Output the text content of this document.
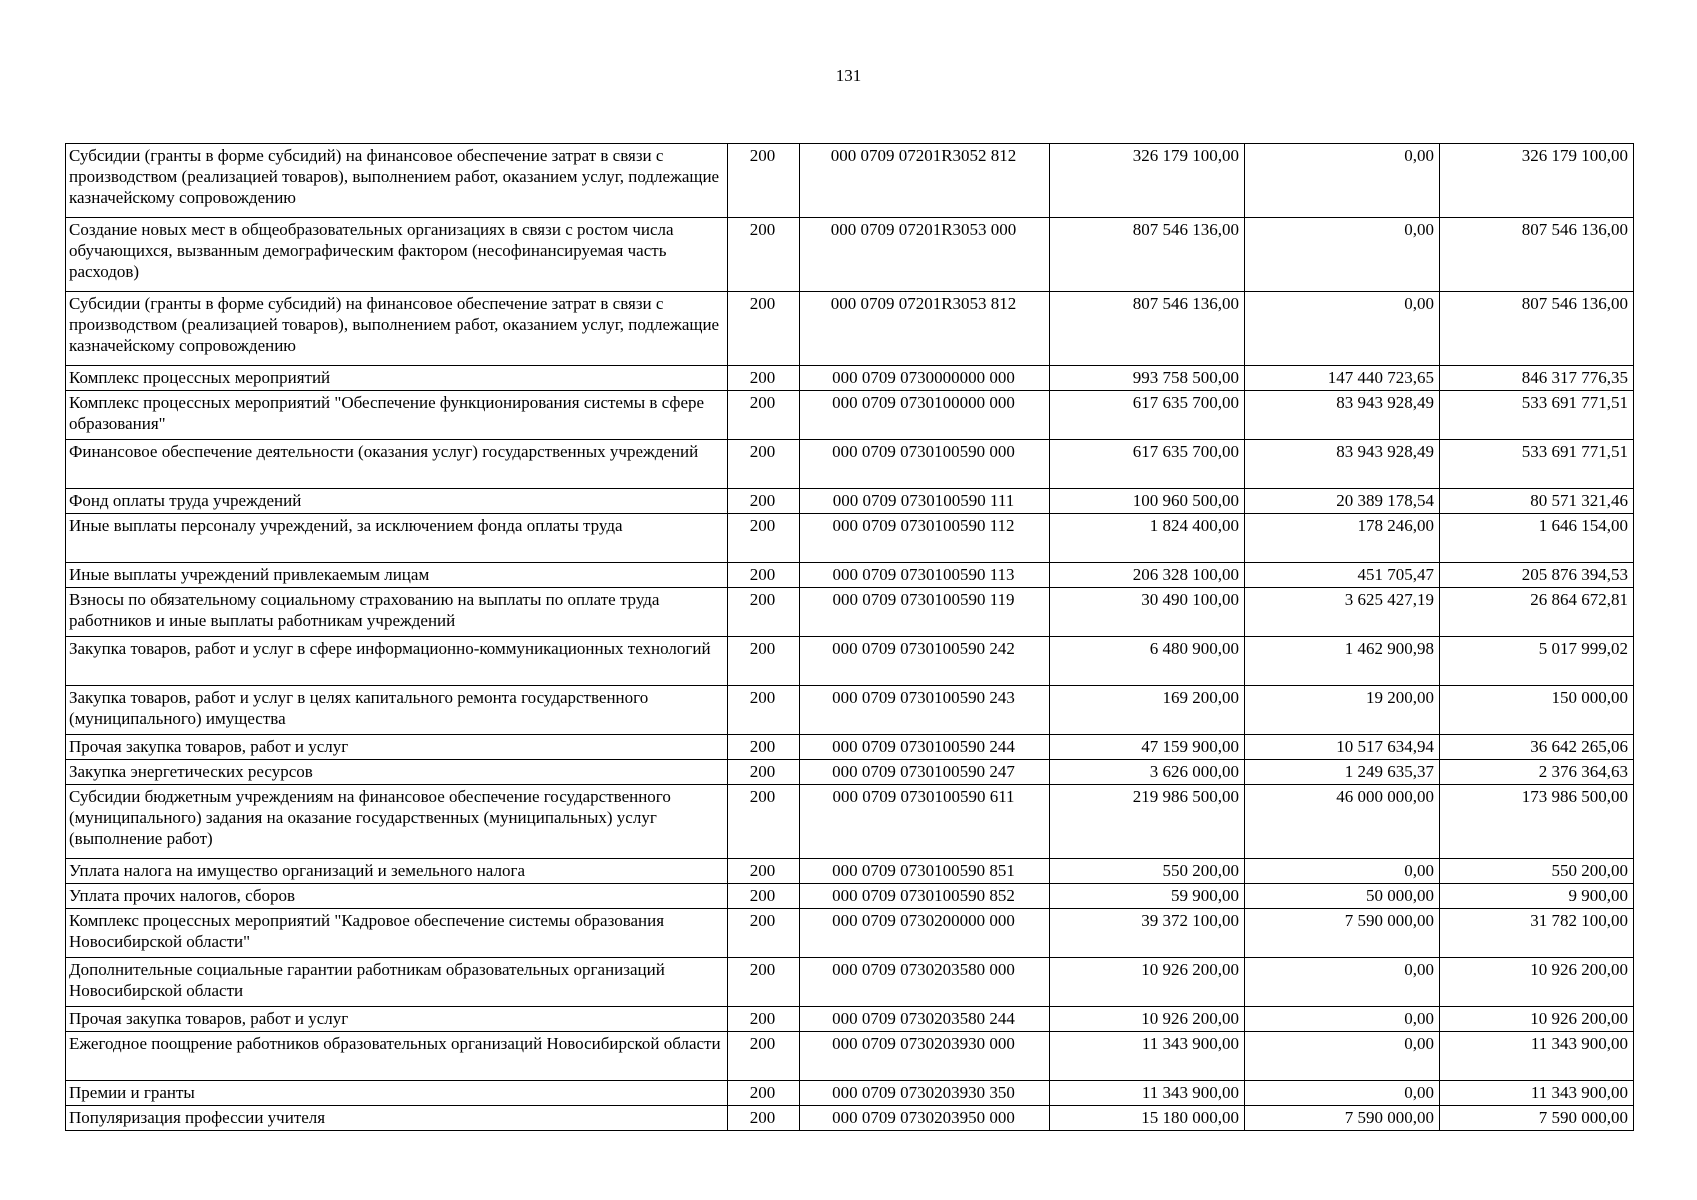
131
Субсидии (гранты в форме субсидий) на финансовое обеспечение затрат в связи с производством (реализацией товаров), выполнением работ, оказанием услуг, подлежащие казначейскому сопровождению	200	000 0709 07201R3052 812	326 179 100,00	0,00	326 179 100,00
Создание новых мест в общеобразовательных организациях в связи с ростом числа обучающихся, вызванным демографическим фактором (несофинансируемая часть расходов)	200	000 0709 07201R3053 000	807 546 136,00	0,00	807 546 136,00
Субсидии (гранты в форме субсидий) на финансовое обеспечение затрат в связи с производством (реализацией товаров), выполнением работ, оказанием услуг, подлежащие казначейскому сопровождению	200	000 0709 07201R3053 812	807 546 136,00	0,00	807 546 136,00
Комплекс процессных мероприятий	200	000 0709 0730000000 000	993 758 500,00	147 440 723,65	846 317 776,35
Комплекс процессных мероприятий "Обеспечение функционирования системы в сфере образования"	200	000 0709 0730100000 000	617 635 700,00	83 943 928,49	533 691 771,51
Финансовое обеспечение деятельности (оказания услуг) государственных учреждений	200	000 0709 0730100590 000	617 635 700,00	83 943 928,49	533 691 771,51
Фонд оплаты труда учреждений	200	000 0709 0730100590 111	100 960 500,00	20 389 178,54	80 571 321,46
Иные выплаты персоналу учреждений, за исключением фонда оплаты труда	200	000 0709 0730100590 112	1 824 400,00	178 246,00	1 646 154,00
Иные выплаты учреждений привлекаемым лицам	200	000 0709 0730100590 113	206 328 100,00	451 705,47	205 876 394,53
Взносы по обязательному социальному страхованию на выплаты по оплате труда работников и иные выплаты работникам учреждений	200	000 0709 0730100590 119	30 490 100,00	3 625 427,19	26 864 672,81
Закупка товаров, работ и услуг в сфере информационно-коммуникационных технологий	200	000 0709 0730100590 242	6 480 900,00	1 462 900,98	5 017 999,02
Закупка товаров, работ и услуг в целях капитального ремонта государственного (муниципального) имущества	200	000 0709 0730100590 243	169 200,00	19 200,00	150 000,00
Прочая закупка товаров, работ и услуг	200	000 0709 0730100590 244	47 159 900,00	10 517 634,94	36 642 265,06
Закупка энергетических ресурсов	200	000 0709 0730100590 247	3 626 000,00	1 249 635,37	2 376 364,63
Субсидии бюджетным учреждениям на финансовое обеспечение государственного (муниципального) задания на оказание государственных (муниципальных) услуг (выполнение работ)	200	000 0709 0730100590 611	219 986 500,00	46 000 000,00	173 986 500,00
Уплата налога на имущество организаций и земельного налога	200	000 0709 0730100590 851	550 200,00	0,00	550 200,00
Уплата прочих налогов, сборов	200	000 0709 0730100590 852	59 900,00	50 000,00	9 900,00
Комплекс процессных мероприятий "Кадровое обеспечение системы образования Новосибирской области"	200	000 0709 0730200000 000	39 372 100,00	7 590 000,00	31 782 100,00
Дополнительные социальные гарантии работникам образовательных организаций Новосибирской области	200	000 0709 0730203580 000	10 926 200,00	0,00	10 926 200,00
Прочая закупка товаров, работ и услуг	200	000 0709 0730203580 244	10 926 200,00	0,00	10 926 200,00
Ежегодное поощрение работников образовательных организаций Новосибирской области	200	000 0709 0730203930 000	11 343 900,00	0,00	11 343 900,00
Премии и гранты	200	000 0709 0730203930 350	11 343 900,00	0,00	11 343 900,00
Популяризация профессии учителя	200	000 0709 0730203950 000	15 180 000,00	7 590 000,00	7 590 000,00
